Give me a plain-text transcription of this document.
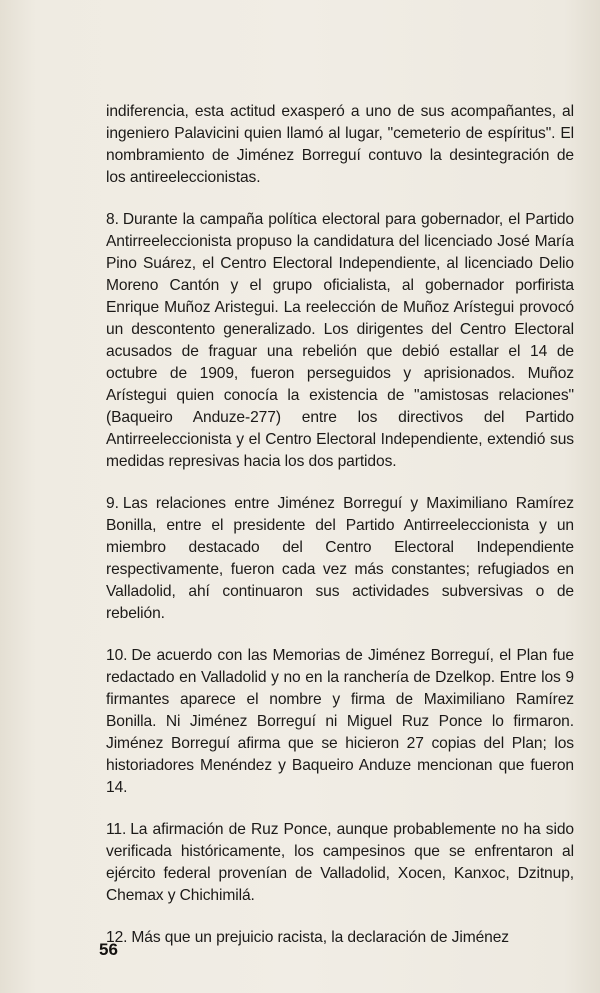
indiferencia, esta actitud exasperó a uno de sus acompañantes, al ingeniero Palavicini quien llamó al lugar, "cemeterio de espíritus". El nombramiento de Jiménez Borreguí contuvo la desintegración de los antireeleccionistas.

8. Durante la campaña política electoral para gobernador, el Partido Antirreeleccionista propuso la candidatura del licenciado José María Pino Suárez, el Centro Electoral Independiente, al licenciado Delio Moreno Cantón y el grupo oficialista, al gobernador porfirista Enrique Muñoz Aristegui. La reelección de Muñoz Arístegui provocó un descontento generalizado. Los dirigentes del Centro Electoral acusados de fraguar una rebelión que debió estallar el 14 de octubre de 1909, fueron perseguidos y aprisionados. Muñoz Arístegui quien conocía la existencia de "amistosas relaciones" (Baqueiro Anduze-277) entre los directivos del Partido Antirreeleccionista y el Centro Electoral Independiente, extendió sus medidas represivas hacia los dos partidos.

9. Las relaciones entre Jiménez Borreguí y Maximiliano Ramírez Bonilla, entre el presidente del Partido Antirreeleccionista y un miembro destacado del Centro Electoral Independiente respectivamente, fueron cada vez más constantes; refugiados en Valladolid, ahí continuaron sus actividades subversivas o de rebelión.

10. De acuerdo con las Memorias de Jiménez Borreguí, el Plan fue redactado en Valladolid y no en la ranchería de Dzelkop. Entre los 9 firmantes aparece el nombre y firma de Maximiliano Ramírez Bonilla. Ni Jiménez Borreguí ni Miguel Ruz Ponce lo firmaron. Jiménez Borreguí afirma que se hicieron 27 copias del Plan; los historiadores Menéndez y Baqueiro Anduze mencionan que fueron 14.

11. La afirmación de Ruz Ponce, aunque probablemente no ha sido verificada históricamente, los campesinos que se enfrentaron al ejército federal provenían de Valladolid, Xocen, Kanxoc, Dzitnup, Chemax y Chichimilá.

12. Más que un prejuicio racista, la declaración de Jiménez

56
